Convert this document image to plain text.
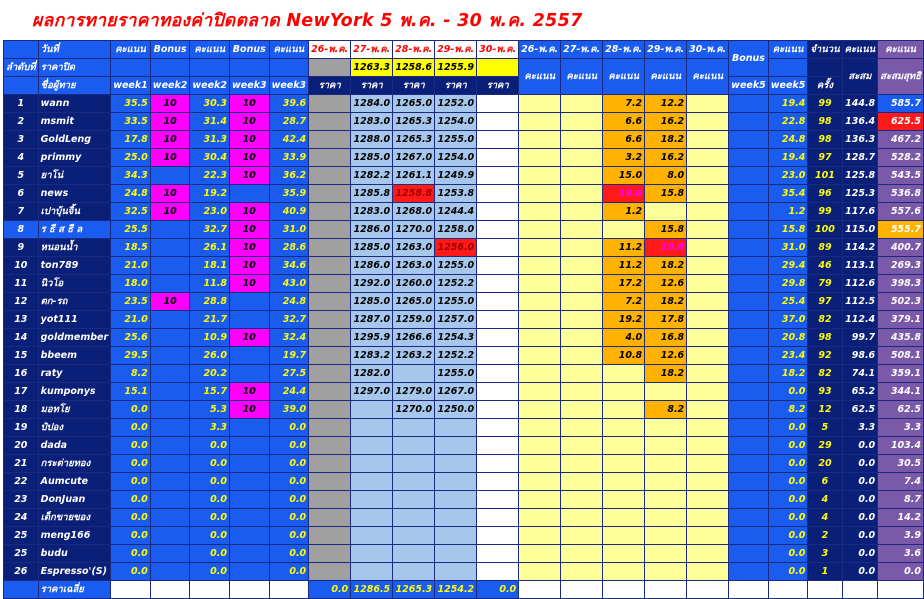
ผลการทายราคาทองค่าปิดตลาด NewYork 5 พ.ค. - 30 พ.ค. 2557
	วันที่	คะแนน	Bonus	คะแนน	Bonus	คะแนน	26-พ.ค.	27-พ.ค.	28-พ.ค.	29-พ.ค.	30-พ.ค.	26-พ.ค.	27-พ.ค.	28-พ.ค.	29-พ.ค.	30-พ.ค.	Bonus	คะแนน	จำนวน	คะแนน	คะแนน
ลำดับที่	ราคาปิด							1263.3	1258.6	1255.9		คะแนน	คะแนน	คะแนน	คะแนน	คะแนน				สะสม	สะสมสุทธิ
	ชื่อผู้ทาย	week1	week2	week2	week3	week3	ราคา	ราคา	ราคา	ราคา	ราคา						week5	week5	ครั้ง		
1	wann	35.5	10	30.3	10	39.6		1284.0	1265.0	1252.0				7.2	12.2			19.4	99	144.8	585.7
2	msmit	33.5	10	31.4	10	28.7		1283.0	1265.3	1254.0				6.6	16.2			22.8	98	136.4	625.5
3	GoldLeng	17.8	10	31.3	10	42.4		1288.0	1265.3	1255.0				6.6	18.2			24.8	98	136.3	467.2
4	primmy	25.0	10	30.4	10	33.9		1285.0	1267.0	1254.0				3.2	16.2			19.4	97	128.7	528.2
5	ยาโน่	34.3		22.3	10	36.2		1282.2	1261.1	1249.9				15.0	8.0			23.0	101	125.8	543.5
6	news	24.8	10	19.2		35.9		1285.8	1258.8	1253.8				19.6	15.8			35.4	96	125.3	536.8
7	เปาบุ้นจิ้น	32.5	10	23.0	10	40.9		1283.0	1268.0	1244.4				1.2				1.2	99	117.6	557.6
8	ร ธี ส ธี ล	25.5		32.7	10	31.0		1286.0	1270.0	1258.0					15.8			15.8	100	115.0	555.7
9	หนอนน้ำ	18.5		26.1	10	28.6		1285.0	1263.0	1256.0				11.2	19.8			31.0	89	114.2	400.7
10	ton789	21.0		18.1	10	34.6		1286.0	1263.0	1255.0				11.2	18.2			29.4	46	113.1	269.3
11	นิวโอ	18.0		11.8	10	43.0		1292.0	1260.0	1252.2				17.2	12.6			29.8	79	112.6	398.3
12	ตก-รถ	23.5	10	28.8		24.8		1285.0	1265.0	1255.0				7.2	18.2			25.4	97	112.5	502.3
13	yot111	21.0		21.7		32.7		1287.0	1259.0	1257.0				19.2	17.8			37.0	82	112.4	379.1
14	goldmember	25.6		10.9	10	32.4		1295.9	1266.6	1254.3				4.0	16.8			20.8	98	99.7	435.8
15	bbeem	29.5		26.0		19.7		1283.2	1263.2	1252.2				10.8	12.6			23.4	92	98.6	508.1
16	raty	8.2		20.2		27.5		1282.0		1255.0					18.2			18.2	82	74.1	359.1
17	kumponys	15.1		15.7	10	24.4		1297.0	1279.0	1267.0								0.0	93	65.2	344.1
18	มอทโย	0.0		5.3	10	39.0			1270.0	1250.0					8.2			8.2	12	62.5	62.5
19	ป๋ปอง	0.0		3.3		0.0												0.0	5	3.3	3.3
20	dada	0.0		0.0		0.0												0.0	29	0.0	103.4
21	กระต่ายทอง	0.0		0.0		0.0												0.0	20	0.0	30.5
22	Aumcute	0.0		0.0		0.0												0.0	6	0.0	7.4
23	DonJuan	0.0		0.0		0.0												0.0	4	0.0	8.7
24	เด็กขายของ	0.0		0.0		0.0												0.0	4	0.0	14.2
25	meng166	0.0		0.0		0.0												0.0	2	0.0	3.9
25	budu	0.0		0.0		0.0												0.0	3	0.0	3.6
26	Espresso'(S)	0.0		0.0		0.0												0.0	1	0.0	0.0
	ราคาเฉลี่ย						0.0	1286.5	1265.3	1254.2	0.0										
